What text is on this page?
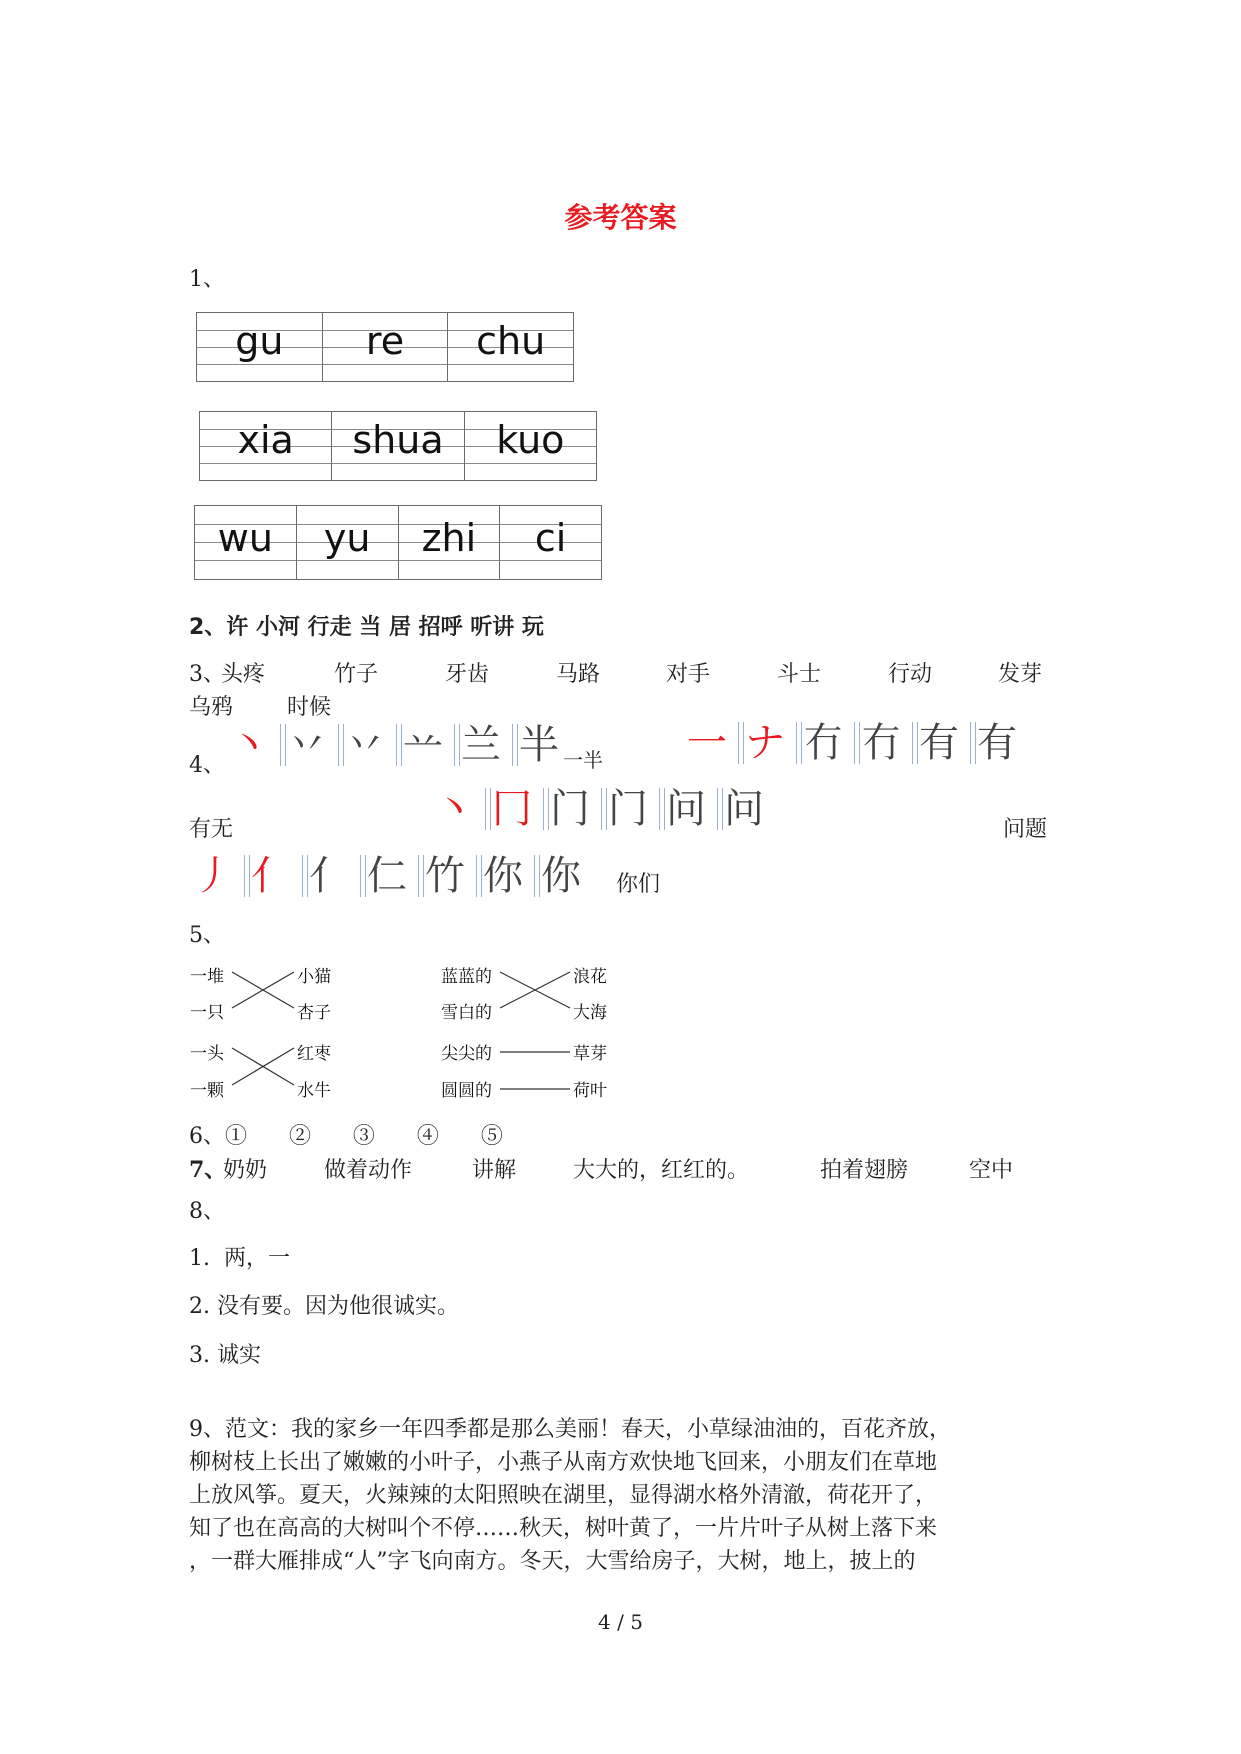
参考答案
1、
gu	re	chu
xia	shua	kuo
wu	yu	zhi	ci
2、许 小河 行走 当 居 招呼 听讲 玩
3、
头疼	竹子	牙齿	马路	对手	斗士	行动	发芽
乌鸦 时候
4、 丶 丷 丷 䒑 兰 半 一半 一 ナ 冇 冇 有 有
有无	丶 冂 门 门 问 问	问题
丿 亻 亻 仁 竹 你 你	你们
5、
一堆
一只
一头
一颗
小猫
杏子
红枣
水牛
蓝蓝的
雪白的
尖尖的
圆圆的
浪花
大海
草芽
荷叶
6、①      ②      ③      ④      ⑤
7、
奶奶	做着动作	讲解	大大的，红红的。	拍着翅膀	空中
8、
1.  两，一
2. 没有要。因为他很诚实。
3. 诚实
9、范文：我的家乡一年四季都是那么美丽！春天，小草绿油油的，百花齐放，
柳树枝上长出了嫩嫩的小叶子，小燕子从南方欢快地飞回来，小朋友们在草地
上放风筝。夏天，火辣辣的太阳照映在湖里，显得湖水格外清澈，荷花开了，
知了也在高高的大树叫个不停……秋天，树叶黄了，一片片叶子从树上落下来
，一群大雁排成“人”字飞向南方。冬天，大雪给房子，大树，地上，披上的
4 / 5
